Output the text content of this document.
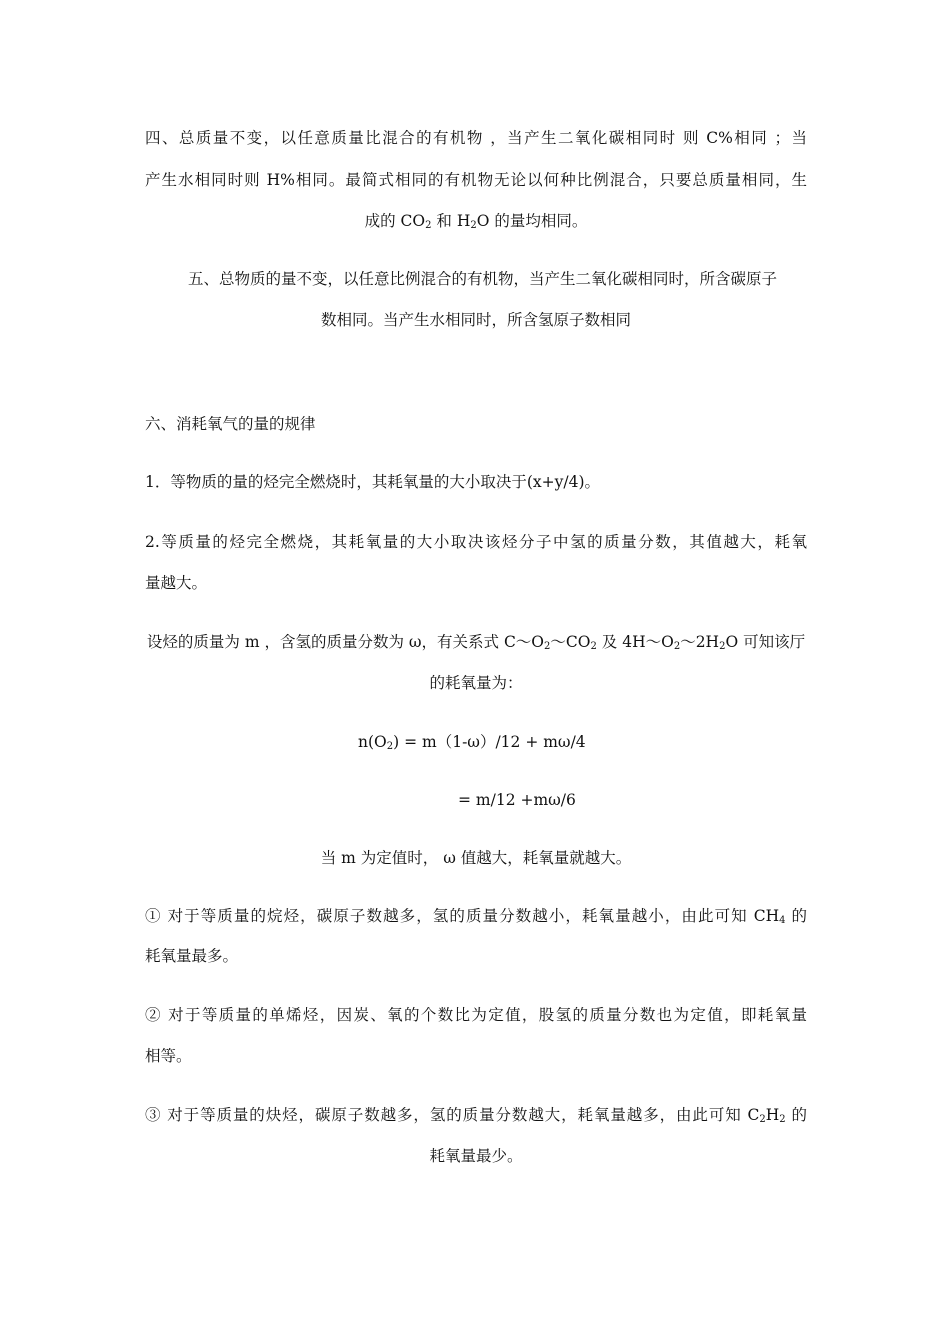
四、总质量不变，以任意质量比混合的有机物 ，当产生二氧化碳相同时 则 C%相同 ；当
产生水相同时则 H%相同。最简式相同的有机物无论以何种比例混合，只要总质量相同，生
成的 $CO_2$ 和 $H_2O$ 的量均相同。
五、总物质的量不变，以任意比例混合的有机物，当产生二氧化碳相同时，所含碳原子
数相同。当产生水相同时，所含氢原子数相同
六、消耗氧气的量的规律
1．等物质的量的烃完全燃烧时，其耗氧量的大小取决于(x+y/4)。
2.等质量的烃完全燃烧，其耗氧量的大小取决该烃分子中氢的质量分数，其值越大，耗氧
量越大。
设烃的质量为 m ，含氢的质量分数为 ω，有关系式 $C\sim O_2\sim CO_2$ 及 $4H\sim O_2\sim 2H_2O$ 可知该厅
的耗氧量为：
$n(O_2) = m(1-\omega)/12 + m\omega/4$
= m/12 +mω/6
当 m 为定值时， ω 值越大，耗氧量就越大。
① 对于等质量的烷烃，碳原子数越多，氢的质量分数越小，耗氧量越小，由此可知 $CH_4$ 的
耗氧量最多。
② 对于等质量的单烯烃，因炭、氧的个数比为定值，股氢的质量分数也为定值，即耗氧量
相等。
③ 对于等质量的炔烃，碳原子数越多，氢的质量分数越大，耗氧量越多，由此可知 $C_2H_2$ 的
耗氧量最少。
